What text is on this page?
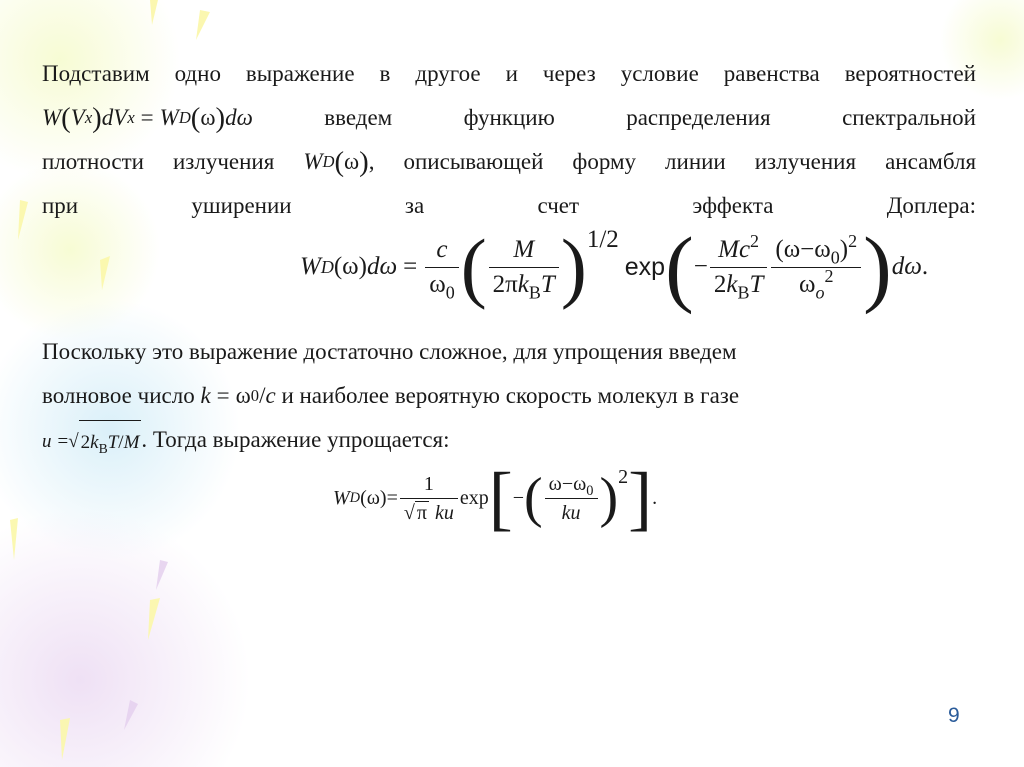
Подставим одно выражение в другое и через условие равенства вероятностей

W ( V x ) dV x = W D ( ω ) dω	введем функцию распределения спектральной
плотности излучения W D ( ω ) , описывающей форму линии излучения ансамбля
при уширении за счет эффекта Доплера:

W D ( ω ) $d\omega = \frac{c}{\omega_0}$ ( $\frac{M}{2\pi k_BT}$ ) 1/2
exp ( − $\frac{Mc^2}{2k_BT} \frac{(\omega-\omega_0)^2}{\omega_o^2}$ ) dω .

Поскольку это выражение достаточно сложное, для упрощения введем
волновое число k = ω 0 / c и наиболее вероятную скорость молекул в газе

u = √ $2k_BT/M$ . Тогда выражение упрощается:

W D ( ω ) = $\frac{1}{\text{√ π ku}}$ exp [ − ( $\frac{\omega-\omega_0}{ku}$ ) 2 ] .
9
